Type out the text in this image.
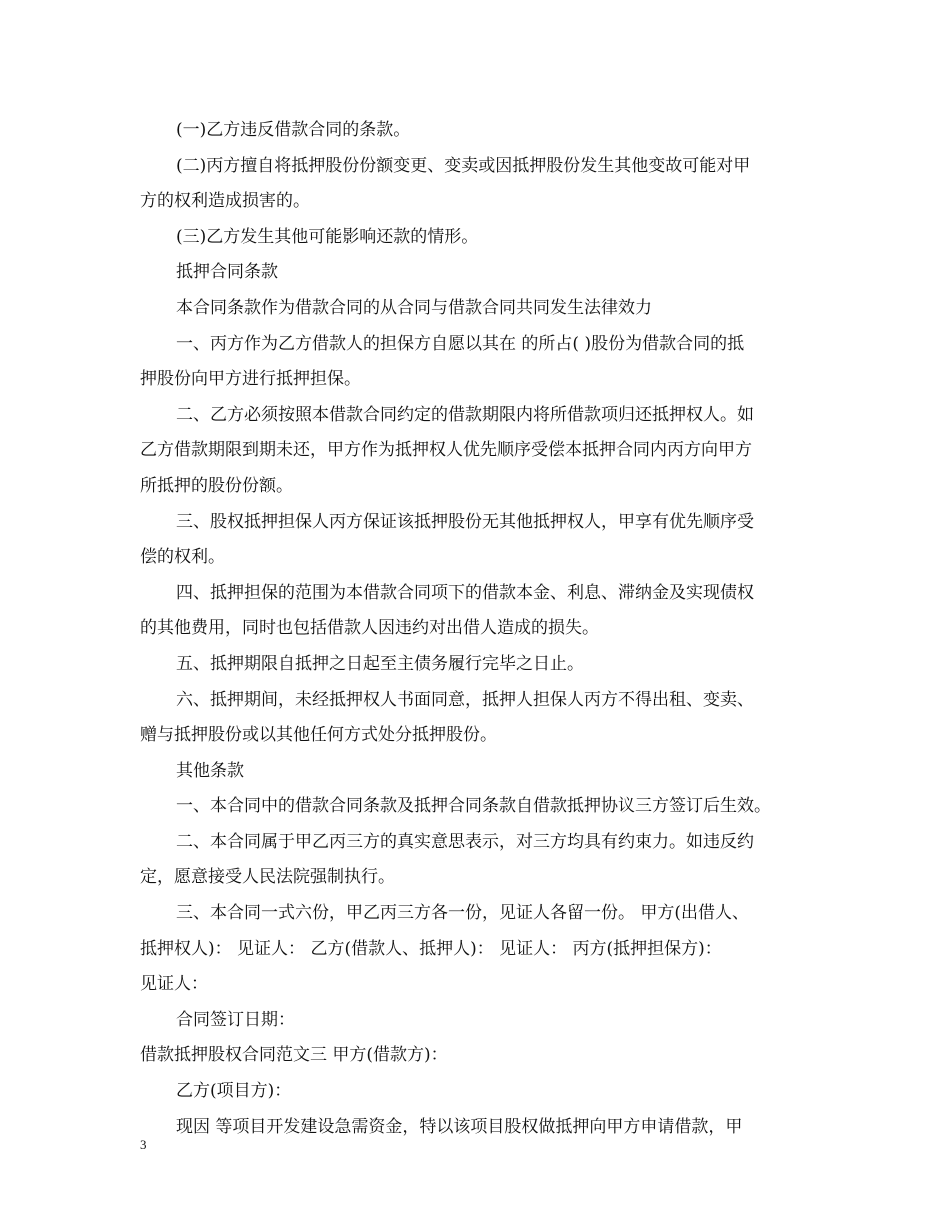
(一)乙方违反借款合同的条款。
(二)丙方擅自将抵押股份份额变更、变卖或因抵押股份发生其他变故可能对甲
方的权利造成损害的。
(三)乙方发生其他可能影响还款的情形。
抵押合同条款
本合同条款作为借款合同的从合同与借款合同共同发生法律效力
一、丙方作为乙方借款人的担保方自愿以其在 的所占( )股份为借款合同的抵
押股份向甲方进行抵押担保。
二、乙方必须按照本借款合同约定的借款期限内将所借款项归还抵押权人。如
乙方借款期限到期未还，甲方作为抵押权人优先顺序受偿本抵押合同内丙方向甲方
所抵押的股份份额。
三、股权抵押担保人丙方保证该抵押股份无其他抵押权人，甲享有优先顺序受
偿的权利。
四、抵押担保的范围为本借款合同项下的借款本金、利息、滞纳金及实现债权
的其他费用，同时也包括借款人因违约对出借人造成的损失。
五、抵押期限自抵押之日起至主债务履行完毕之日止。
六、抵押期间，未经抵押权人书面同意，抵押人担保人丙方不得出租、变卖、
赠与抵押股份或以其他任何方式处分抵押股份。
其他条款
一、本合同中的借款合同条款及抵押合同条款自借款抵押协议三方签订后生效。
二、本合同属于甲乙丙三方的真实意思表示，对三方均具有约束力。如违反约
定，愿意接受人民法院强制执行。
三、本合同一式六份，甲乙丙三方各一份，见证人各留一份。 甲方(出借人、
抵押权人)： 见证人： 乙方(借款人、抵押人)： 见证人： 丙方(抵押担保方)：
见证人：
合同签订日期：
借款抵押股权合同范文三 甲方(借款方)：
乙方(项目方)：
现因 等项目开发建设急需资金，特以该项目股权做抵押向甲方申请借款，甲
3
